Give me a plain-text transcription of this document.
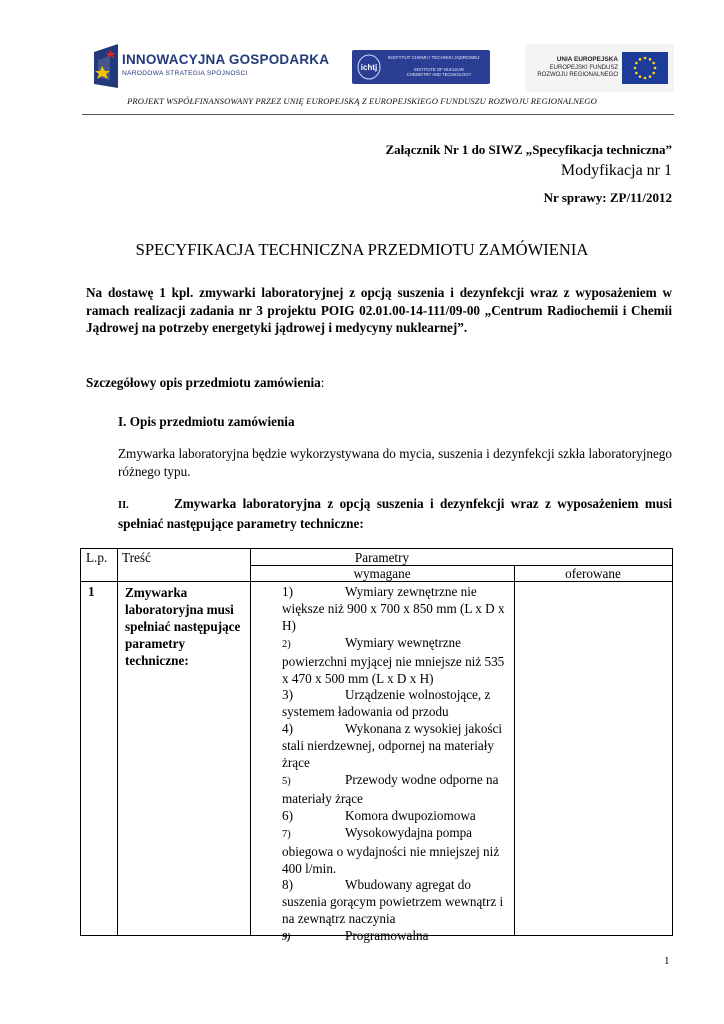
INNOWACYJNA GOSPODARKA
NARODOWA STRATEGIA SPÓJNOŚCI
ichtj
INSTYTUT CHEMII I TECHNIKI JĄDROWEJ
INSTITUTE OF NUCLEAR
CHEMISTRY AND TECHNOLOGY
UNIA EUROPEJSKA
EUROPEJSKI FUNDUSZ
ROZWOJU REGIONALNEGO
PROJEKT WSPÓŁFINANSOWANY PRZEZ UNIĘ EUROPEJSKĄ Z EUROPEJSKIEGO FUNDUSZU ROZWOJU REGIONALNEGO
Załącznik Nr 1 do SIWZ „Specyfikacja techniczna”
Modyfikacja nr 1
Nr sprawy: ZP/11/2012
SPECYFIKACJA TECHNICZNA PRZEDMIOTU ZAMÓWIENIA
Na dostawę 1 kpl. zmywarki laboratoryjnej z opcją suszenia i dezynfekcji wraz z wyposażeniem w ramach realizacji zadania nr 3 projektu POIG 02.01.00-14-111/09-00 „Centrum Radiochemii i Chemii Jądrowej na potrzeby energetyki jądrowej i medycyny nuklearnej”.
Szczegółowy opis przedmiotu zamówienia:
I. Opis przedmiotu zamówienia
Zmywarka laboratoryjna będzie wykorzystywana do mycia, suszenia i dezynfekcji szkła laboratoryjnego różnego typu.
II.	Zmywarka laboratoryjna z opcją suszenia i dezynfekcji wraz z wyposażeniem musi spełniać następujące parametry techniczne:
L.p. Treść	Parametry
wymagane	oferowane
1 Zmywarka laboratoryjna musi spełniać następujące parametry techniczne:
1)	Wymiary zewnętrzne nie większe niż 900 x 700 x 850 mm (L x D x H)
2)	Wymiary wewnętrzne powierzchni myjącej nie mniejsze niż 535 x 470 x 500 mm (L x D x H)
3)	Urządzenie wolnostojące, z systemem ładowania od przodu
4)	Wykonana z wysokiej jakości stali nierdzewnej, odpornej na materiały żrące
5)	Przewody wodne odporne na materiały żrące
6)	Komora dwupoziomowa
7)	Wysokowydajna pompa obiegowa o wydajności nie mniejszej niż 400 l/min.
8)	Wbudowany agregat do suszenia gorącym powietrzem wewnątrz i na zewnątrz naczynia
9)	Programowalna
1
